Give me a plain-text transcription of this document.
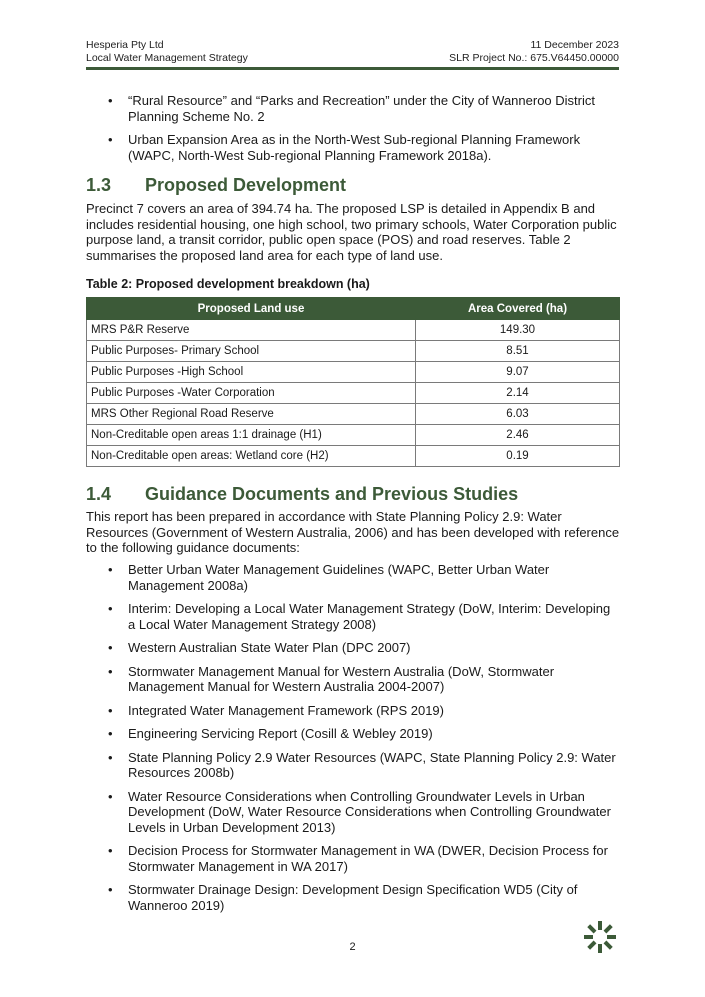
Hesperia Pty Ltd	11 December 2023
Local Water Management Strategy	SLR Project No.: 675.V64450.00000
• “Rural Resource” and “Parks and Recreation” under the City of Wanneroo District Planning Scheme No. 2
• Urban Expansion Area as in the North-West Sub-regional Planning Framework (WAPC, North-West Sub-regional Planning Framework 2018a).
1.3	Proposed Development
Precinct 7 covers an area of 394.74 ha. The proposed LSP is detailed in Appendix B and includes residential housing, one high school, two primary schools, Water Corporation public purpose land, a transit corridor, public open space (POS) and road reserves. Table 2 summarises the proposed land area for each type of land use.
Table 2: Proposed development breakdown (ha)
Proposed Land use	Area Covered (ha)
MRS P&R Reserve	149.30
Public Purposes- Primary School	8.51
Public Purposes -High School	9.07
Public Purposes -Water Corporation	2.14
MRS Other Regional Road Reserve	6.03
Non-Creditable open areas 1:1 drainage (H1)	2.46
Non-Creditable open areas: Wetland core (H2)	0.19
1.4	Guidance Documents and Previous Studies
This report has been prepared in accordance with State Planning Policy 2.9: Water Resources (Government of Western Australia, 2006) and has been developed with reference to the following guidance documents:
• Better Urban Water Management Guidelines (WAPC, Better Urban Water Management 2008a)
• Interim: Developing a Local Water Management Strategy (DoW, Interim: Developing a Local Water Management Strategy 2008)
• Western Australian State Water Plan (DPC 2007)
• Stormwater Management Manual for Western Australia (DoW, Stormwater Management Manual for Western Australia 2004-2007)
• Integrated Water Management Framework (RPS 2019)
• Engineering Servicing Report (Cosill & Webley 2019)
• State Planning Policy 2.9 Water Resources (WAPC, State Planning Policy 2.9: Water Resources 2008b)
• Water Resource Considerations when Controlling Groundwater Levels in Urban Development (DoW, Water Resource Considerations when Controlling Groundwater Levels in Urban Development 2013)
• Decision Process for Stormwater Management in WA (DWER, Decision Process for Stormwater Management in WA 2017)
• Stormwater Drainage Design: Development Design Specification WD5 (City of Wanneroo 2019)
2
